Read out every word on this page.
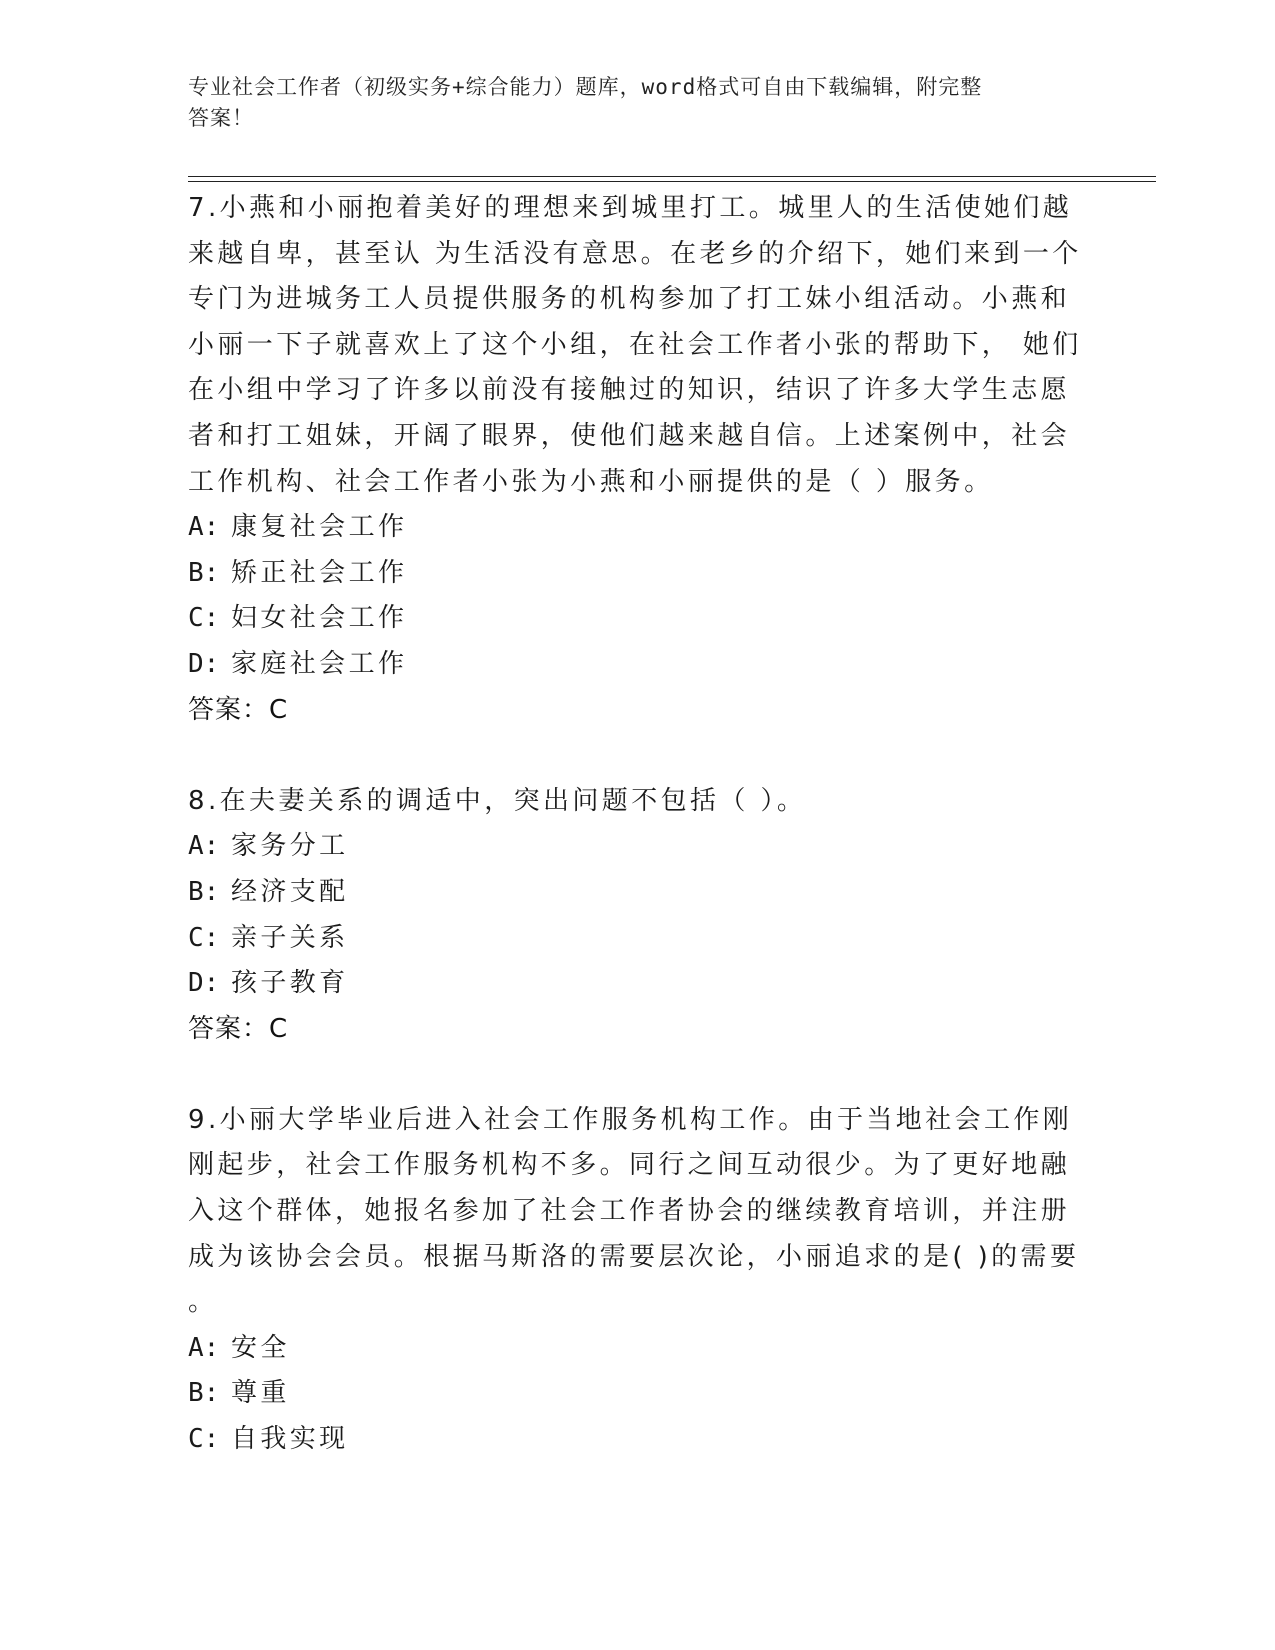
专业社会工作者（初级实务+综合能力）题库，word格式可自由下载编辑，附完整
答案！

7.小燕和小丽抱着美好的理想来到城里打工。城里人的生活使她们越

来越自卑，甚至认 为生活没有意思。在老乡的介绍下，她们来到一个

专门为进城务工人员提供服务的机构参加了打工妹小组活动。小燕和

小丽一下子就喜欢上了这个小组，在社会工作者小张的帮助下， 她们

在小组中学习了许多以前没有接触过的知识，结识了许多大学生志愿

者和打工姐妹，开阔了眼界，使他们越来越自信。上述案例中，社会

工作机构、社会工作者小张为小燕和小丽提供的是（ ）服务。

A: 康复社会工作

B: 矫正社会工作

C: 妇女社会工作

D: 家庭社会工作

答案：C

8.在夫妻关系的调适中，突出问题不包括（ ）。

A: 家务分工

B: 经济支配

C: 亲子关系

D: 孩子教育

答案：C

9.小丽大学毕业后进入社会工作服务机构工作。由于当地社会工作刚

刚起步，社会工作服务机构不多。同行之间互动很少。为了更好地融

入这个群体，她报名参加了社会工作者协会的继续教育培训，并注册

成为该协会会员。根据马斯洛的需要层次论，小丽追求的是( )的需要

。

A: 安全

B: 尊重

C: 自我实现
